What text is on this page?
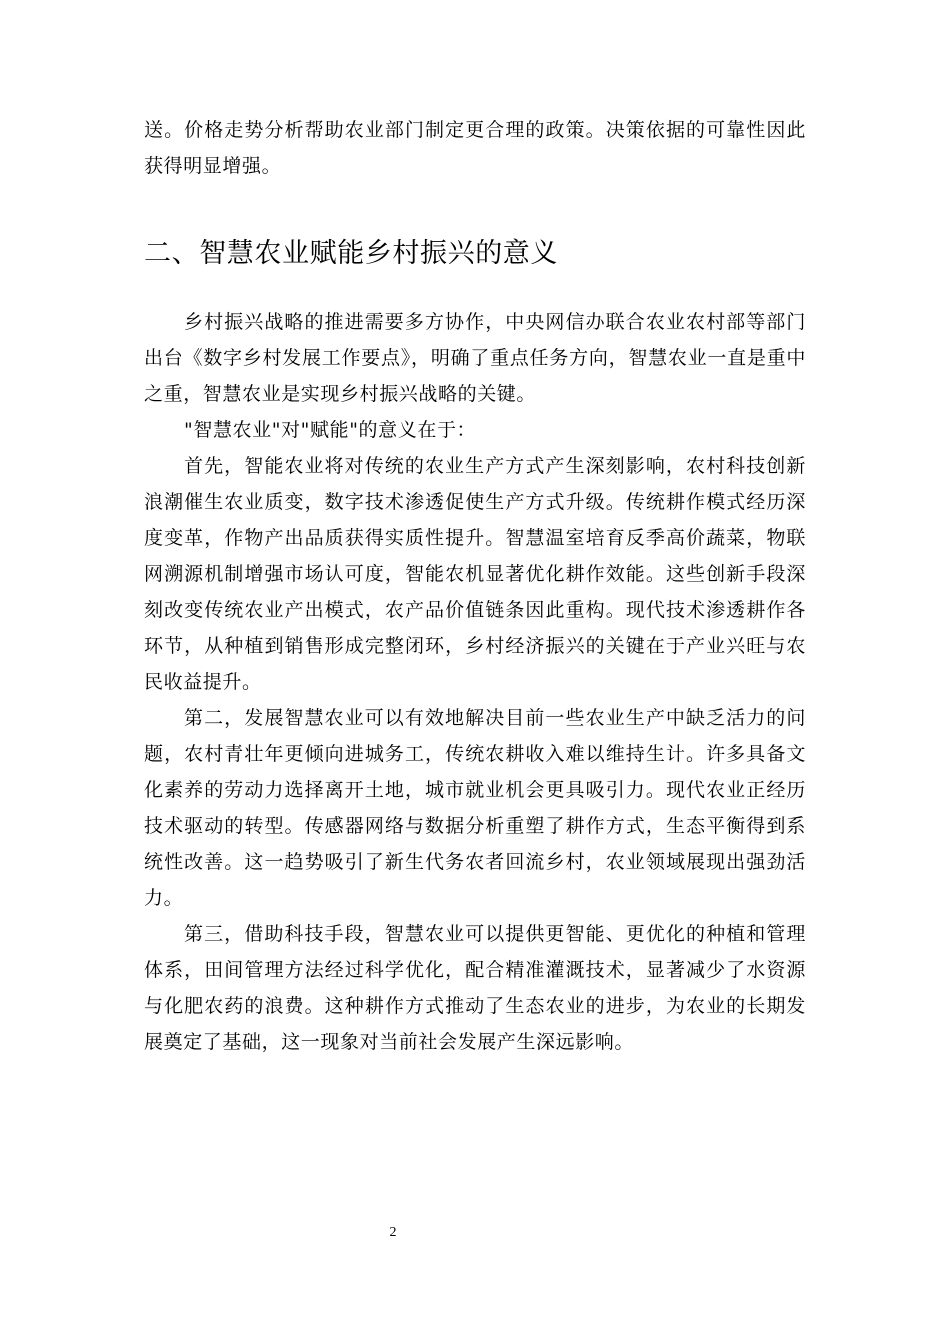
送。价格走势分析帮助农业部门制定更合理的政策。决策依据的可靠性因此获得明显增强。

二、智慧农业赋能乡村振兴的意义

乡村振兴战略的推进需要多方协作，中央网信办联合农业农村部等部门出台《数字乡村发展工作要点》，明确了重点任务方向，智慧农业一直是重中之重，智慧农业是实现乡村振兴战略的关键。

"智慧农业"对"赋能"的意义在于：

首先，智能农业将对传统的农业生产方式产生深刻影响，农村科技创新浪潮催生农业质变，数字技术渗透促使生产方式升级。传统耕作模式经历深度变革，作物产出品质获得实质性提升。智慧温室培育反季高价蔬菜，物联网溯源机制增强市场认可度，智能农机显著优化耕作效能。这些创新手段深刻改变传统农业产出模式，农产品价值链条因此重构。现代技术渗透耕作各环节，从种植到销售形成完整闭环，乡村经济振兴的关键在于产业兴旺与农民收益提升。

第二，发展智慧农业可以有效地解决目前一些农业生产中缺乏活力的问题，农村青壮年更倾向进城务工，传统农耕收入难以维持生计。许多具备文化素养的劳动力选择离开土地，城市就业机会更具吸引力。现代农业正经历技术驱动的转型。传感器网络与数据分析重塑了耕作方式，生态平衡得到系统性改善。这一趋势吸引了新生代务农者回流乡村，农业领域展现出强劲活力。

第三，借助科技手段，智慧农业可以提供更智能、更优化的种植和管理体系，田间管理方法经过科学优化，配合精准灌溉技术，显著减少了水资源与化肥农药的浪费。这种耕作方式推动了生态农业的进步，为农业的长期发展奠定了基础，这一现象对当前社会发展产生深远影响。

2
